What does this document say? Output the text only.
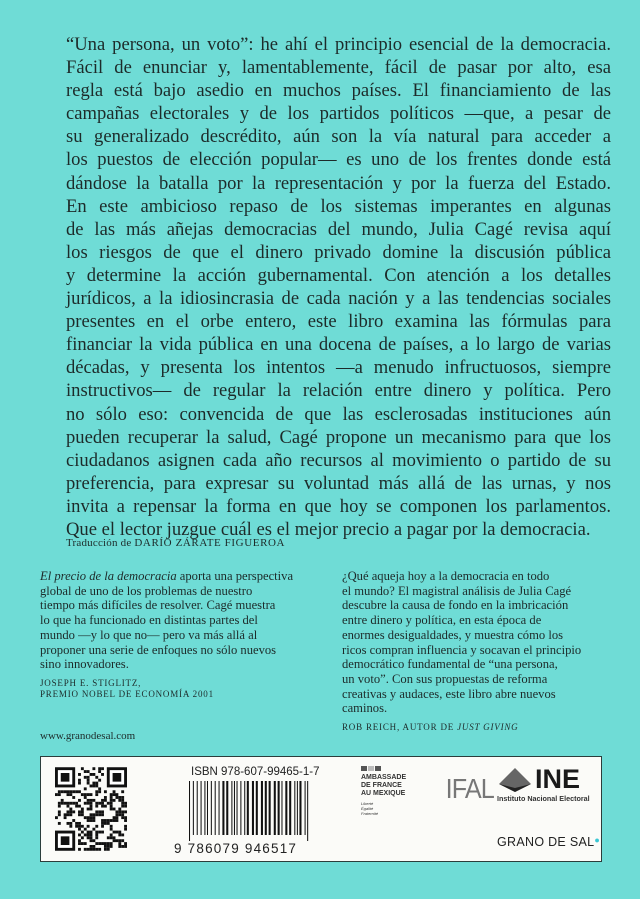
“Una persona, un voto”: he ahí el principio esencial de la democracia.
Fácil de enunciar y, lamentablemente, fácil de pasar por alto, esa
regla está bajo asedio en muchos países. El financiamiento de las
campañas electorales y de los partidos políticos —que, a pesar de
su generalizado descrédito, aún son la vía natural para acceder a
los puestos de elección popular— es uno de los frentes donde está
dándose la batalla por la representación y por la fuerza del Estado.
En este ambicioso repaso de los sistemas imperantes en algunas
de las más añejas democracias del mundo, Julia Cagé revisa aquí
los riesgos de que el dinero privado domine la discusión pública
y determine la acción gubernamental. Con atención a los detalles
jurídicos, a la idiosincrasia de cada nación y a las tendencias sociales
presentes en el orbe entero, este libro examina las fórmulas para
financiar la vida pública en una docena de países, a lo largo de varias
décadas, y presenta los intentos —a menudo infructuosos, siempre
instructivos— de regular la relación entre dinero y política. Pero
no sólo eso: convencida de que las esclerosadas instituciones aún
pueden recuperar la salud, Cagé propone un mecanismo para que los
ciudadanos asignen cada año recursos al movimiento o partido de su
preferencia, para expresar su voluntad más allá de las urnas, y nos
invita a repensar la forma en que hoy se componen los parlamentos.
Que el lector juzgue cuál es el mejor precio a pagar por la democracia.
Traducción de DARÍO ZÁRATE FIGUEROA
El precio de la democracia aporta una perspectiva
global de uno de los problemas de nuestro
tiempo más difíciles de resolver. Cagé muestra
lo que ha funcionado en distintas partes del
mundo —y lo que no— pero va más allá al
proponer una serie de enfoques no sólo nuevos
sino innovadores.
JOSEPH E. STIGLITZ,
PREMIO NOBEL DE ECONOMÍA 2001
¿Qué aqueja hoy a la democracia en todo
el mundo? El magistral análisis de Julia Cagé
descubre la causa de fondo en la imbricación
entre dinero y política, en esta época de
enormes desigualdades, y muestra cómo los
ricos compran influencia y socavan el principio
democrático fundamental de “una persona,
un voto”. Con sus propuestas de reforma
creativas y audaces, este libro abre nuevos
caminos.
ROB REICH, AUTOR DE JUST GIVING
www.granodesal.com
ISBN 978-607-99465-1-7
9 786079 946517
AMBASSADE
DE FRANCE
AU MEXIQUE
Liberté
Égalité
Fraternité
IFAL INE
Instituto Nacional Electoral
GRANO DE SAL●
